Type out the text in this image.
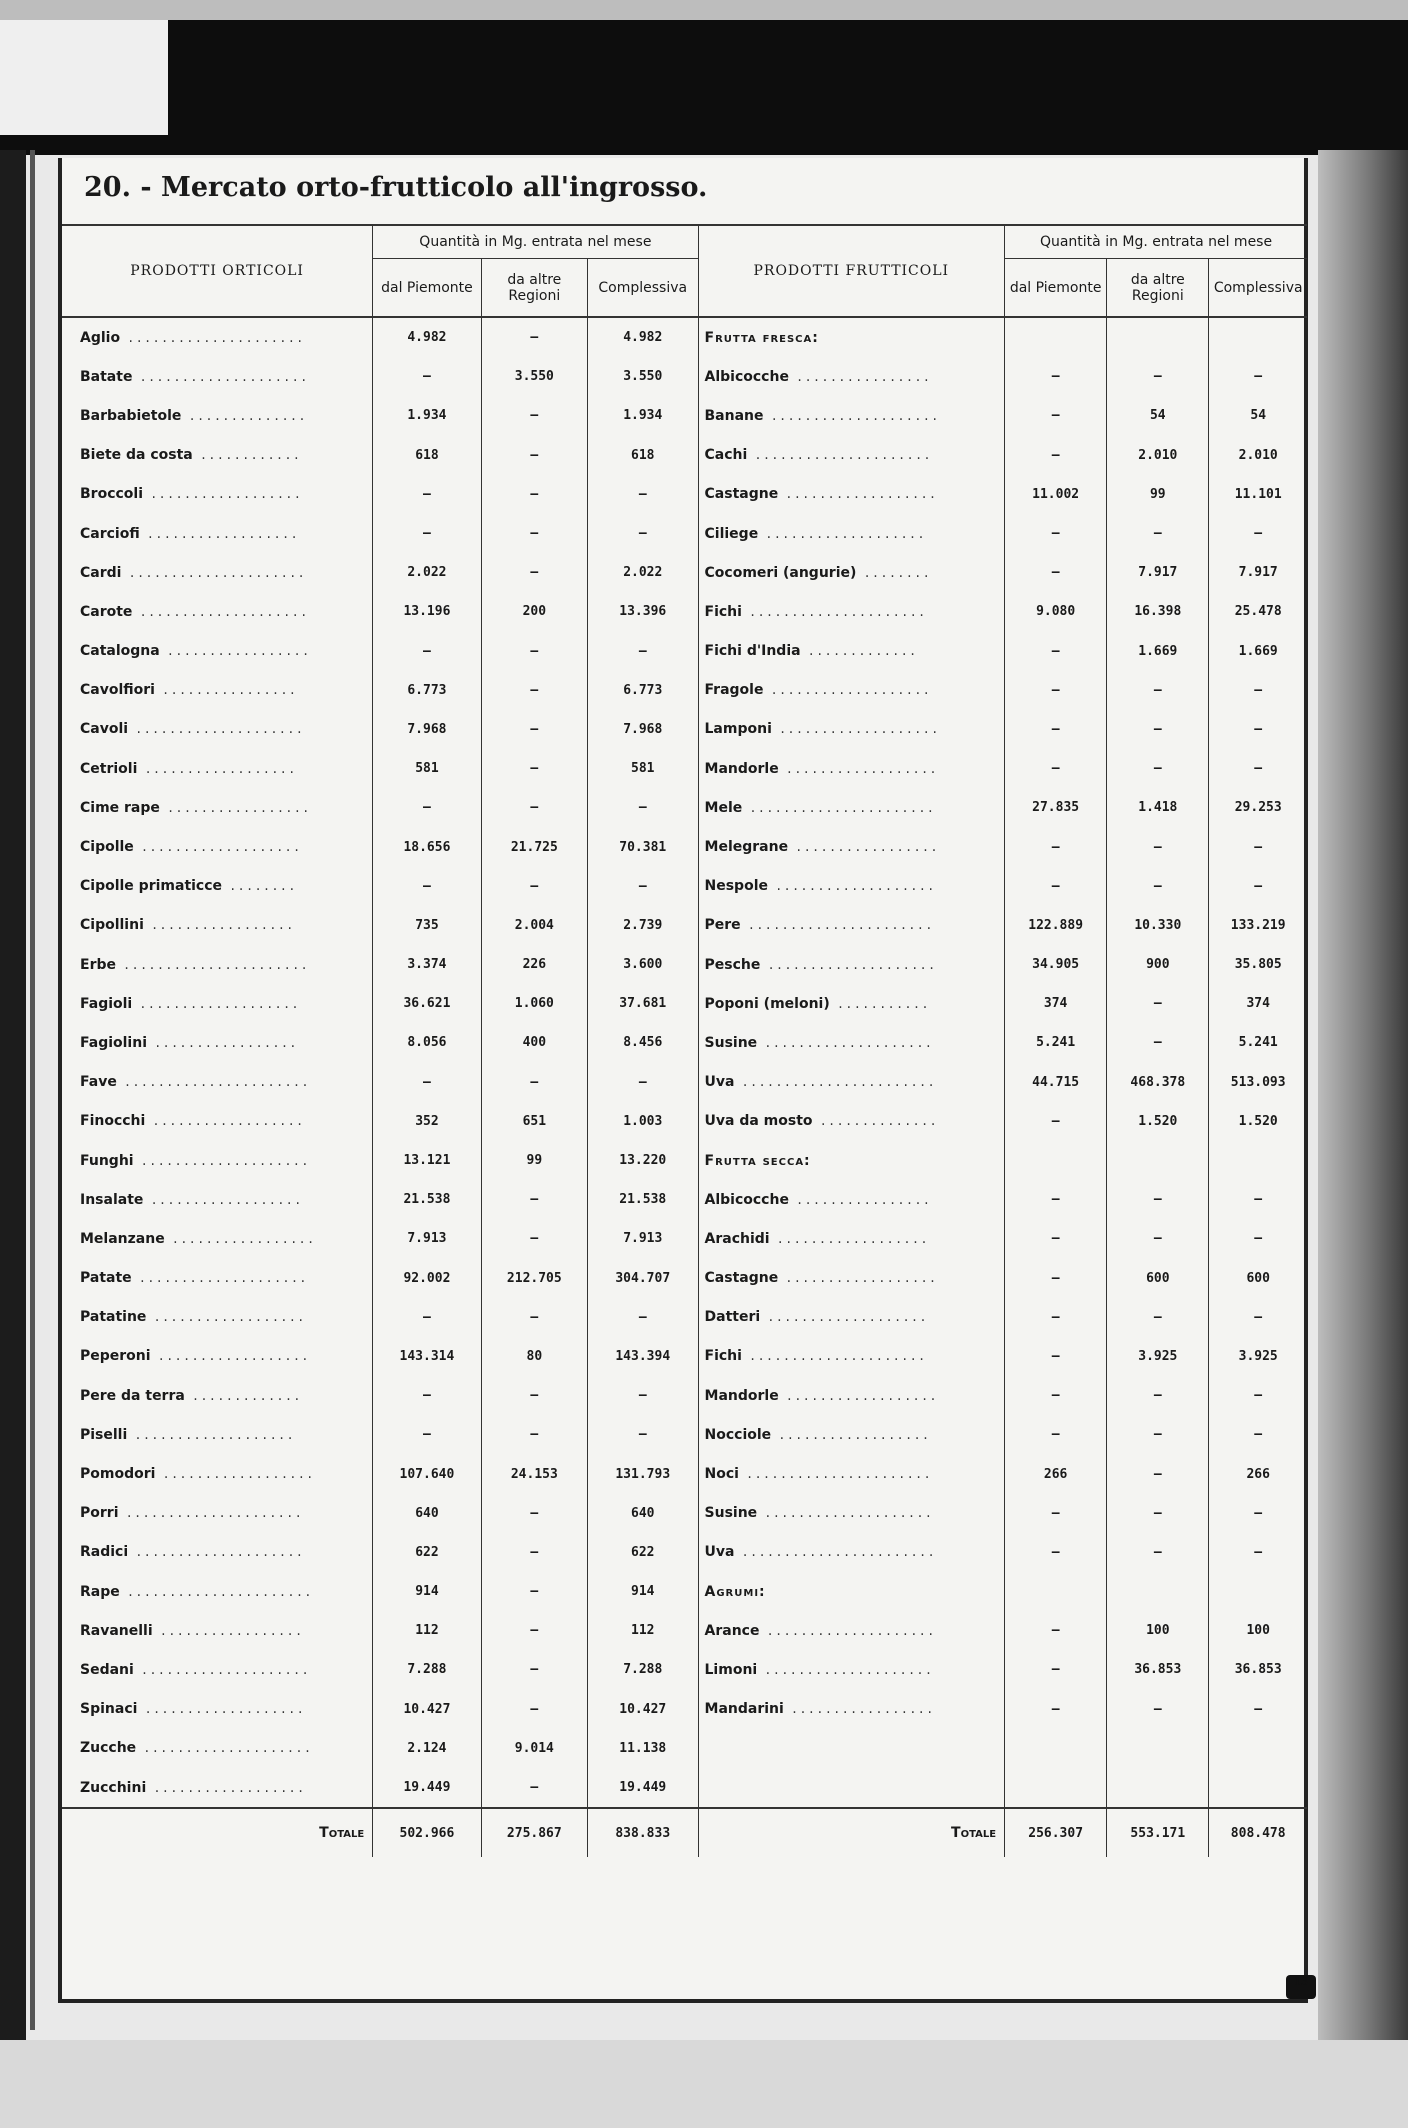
20. - Mercato orto-frutticolo all'ingrosso.
PRODOTTI ORTICOLI	Quantità in Mg. entrata nel mese			PRODOTTI FRUTTICOLI	Quantità in Mg. entrata nel mese		
	dal Piemonte	da altre Regioni	Complessiva		dal Piemonte	da altre Regioni	Complessiva
Aglio .....................	4.982	—	4.982	Frutta fresca:			
Batate ....................	—	3.550	3.550	Albicocche ................	—	—	—
Barbabietole ..............	1.934	—	1.934	Banane ....................	—	54	54
Biete da costa ............	618	—	618	Cachi .....................	—	2.010	2.010
Broccoli ..................	—	—	—	Castagne ..................	11.002	99	11.101
Carciofi ..................	—	—	—	Ciliege ...................	—	—	—
Cardi .....................	2.022	—	2.022	Cocomeri (angurie) ........	—	7.917	7.917
Carote ....................	13.196	200	13.396	Fichi .....................	9.080	16.398	25.478
Catalogna .................	—	—	—	Fichi d'India .............	—	1.669	1.669
Cavolfiori ................	6.773	—	6.773	Fragole ...................	—	—	—
Cavoli ....................	7.968	—	7.968	Lamponi ...................	—	—	—
Cetrioli ..................	581	—	581	Mandorle ..................	—	—	—
Cime rape .................	—	—	—	Mele ......................	27.835	1.418	29.253
Cipolle ...................	18.656	21.725	70.381	Melegrane .................	—	—	—
Cipolle primaticce ........	—	—	—	Nespole ...................	—	—	—
Cipollini .................	735	2.004	2.739	Pere ......................	122.889	10.330	133.219
Erbe ......................	3.374	226	3.600	Pesche ....................	34.905	900	35.805
Fagioli ...................	36.621	1.060	37.681	Poponi (meloni) ...........	374	—	374
Fagiolini .................	8.056	400	8.456	Susine ....................	5.241	—	5.241
Fave ......................	—	—	—	Uva .......................	44.715	468.378	513.093
Finocchi ..................	352	651	1.003	Uva da mosto ..............	—	1.520	1.520
Funghi ....................	13.121	99	13.220	Frutta secca:			
Insalate ..................	21.538	—	21.538	Albicocche ................	—	—	—
Melanzane .................	7.913	—	7.913	Arachidi ..................	—	—	—
Patate ....................	92.002	212.705	304.707	Castagne ..................	—	600	600
Patatine ..................	—	—	—	Datteri ...................	—	—	—
Peperoni ..................	143.314	80	143.394	Fichi .....................	—	3.925	3.925
Pere da terra .............	—	—	—	Mandorle ..................	—	—	—
Piselli ...................	—	—	—	Nocciole ..................	—	—	—
Pomodori ..................	107.640	24.153	131.793	Noci ......................	266	—	266
Porri .....................	640	—	640	Susine ....................	—	—	—
Radici ....................	622	—	622	Uva .......................	—	—	—
Rape ......................	914	—	914	Agrumi:			
Ravanelli .................	112	—	112	Arance ....................	—	100	100
Sedani ....................	7.288	—	7.288	Limoni ....................	—	36.853	36.853
Spinaci ...................	10.427	—	10.427	Mandarini .................	—	—	—
Zucche ....................	2.124	9.014	11.138				
Zucchini ..................	19.449	—	19.449				
Totale	502.966	275.867	838.833	Totale	256.307	553.171	808.478
13
